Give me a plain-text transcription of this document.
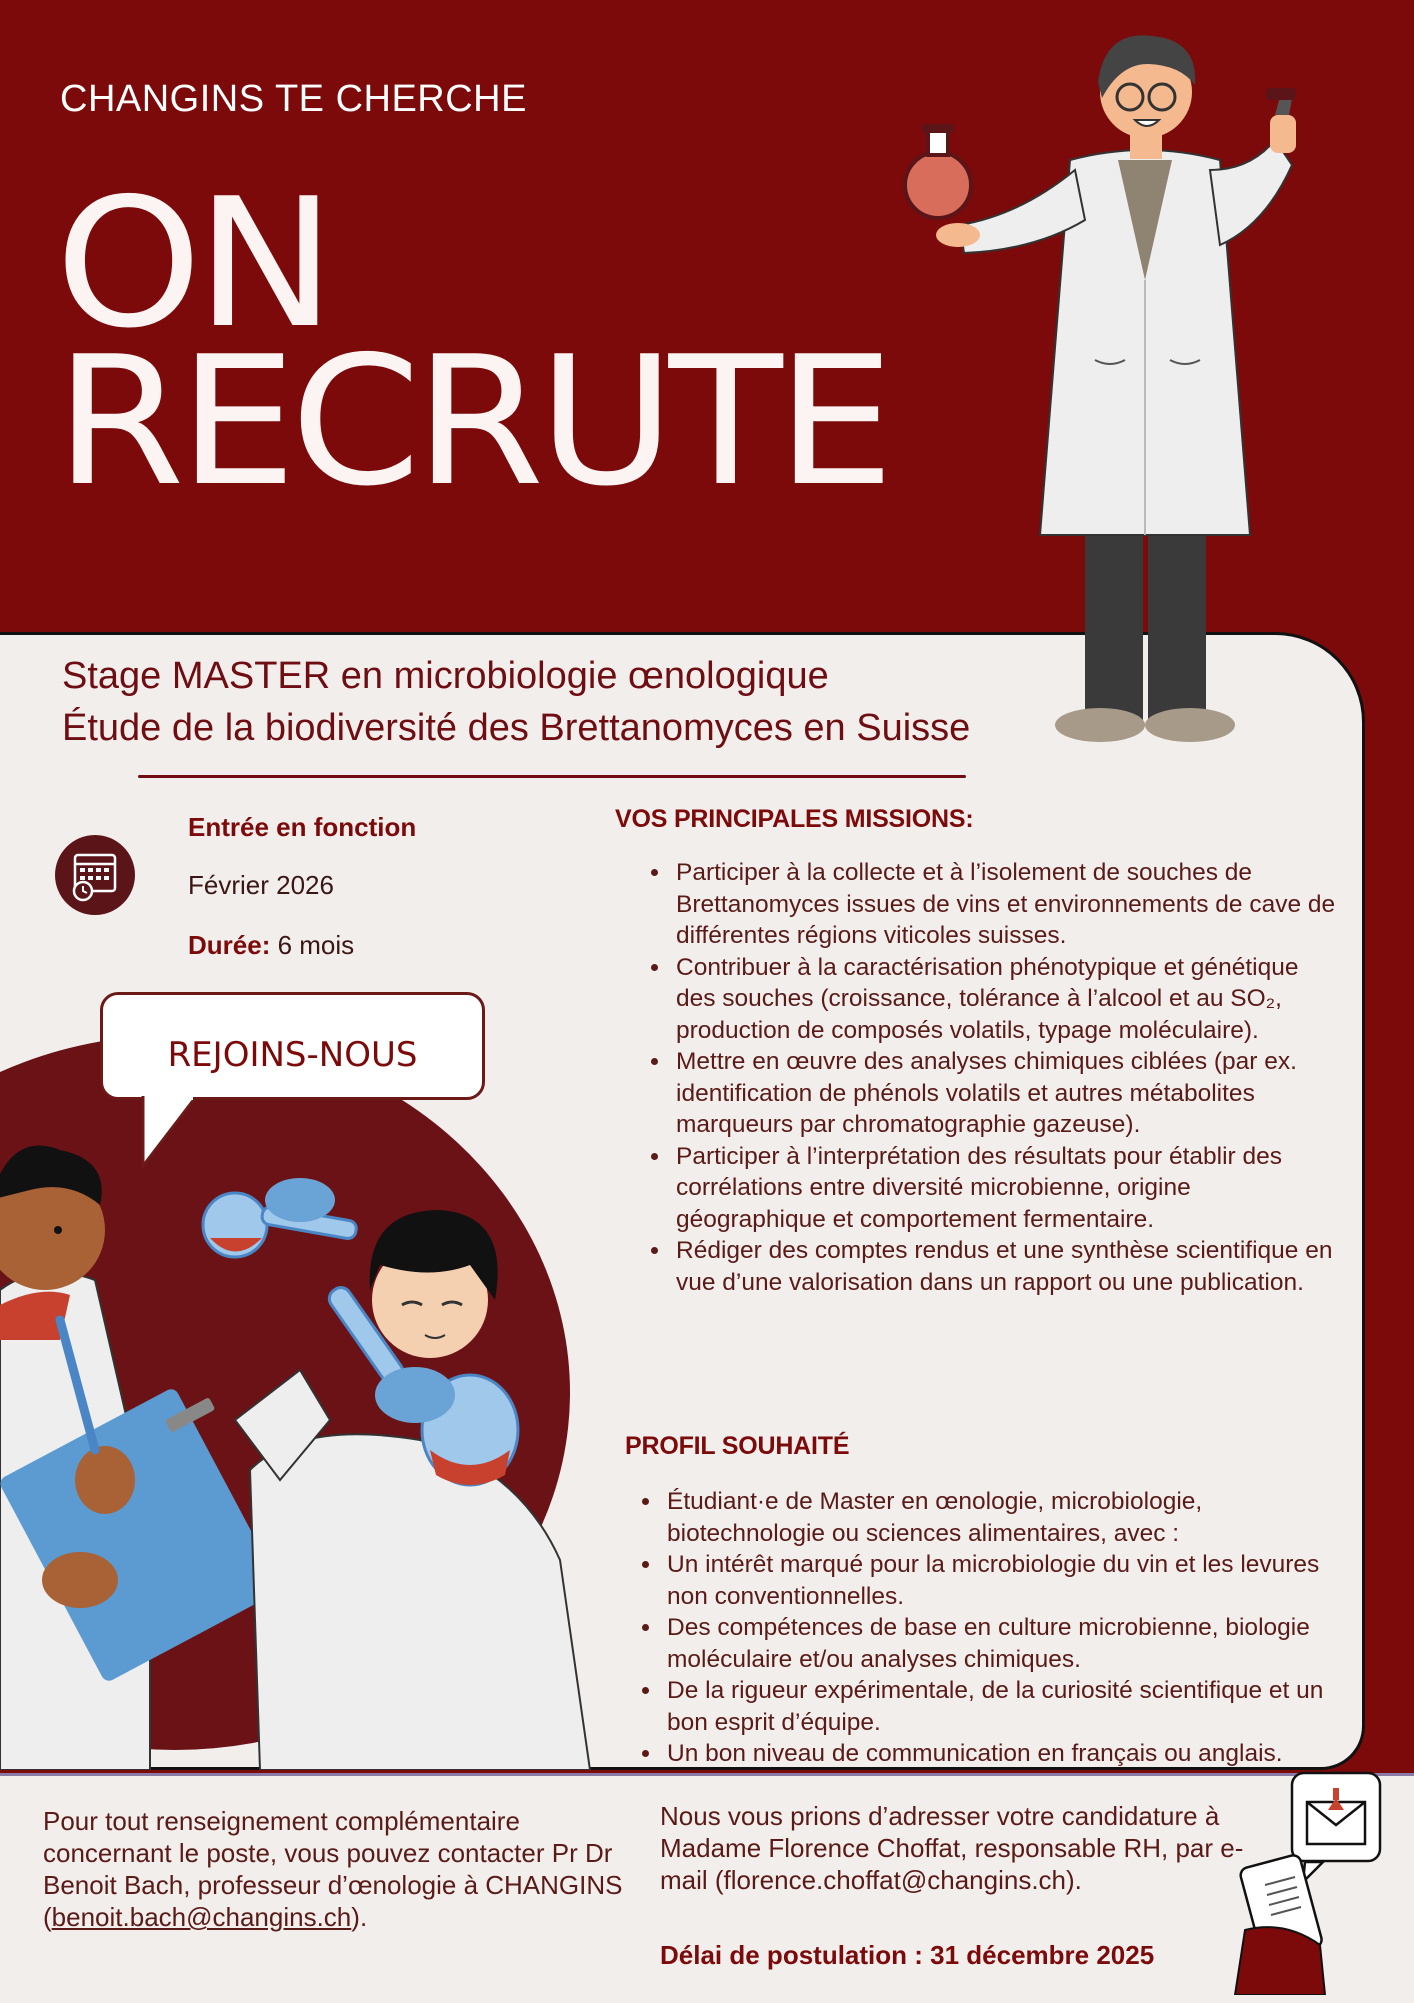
CHANGINS TE CHERCHE
ON
RECRUTE
Stage MASTER en microbiologie œnologique
Étude de la biodiversité des Brettanomyces en Suisse
Entrée en fonction
Février 2026
Durée: 6 mois
VOS PRINCIPALES MISSIONS:
• Participer à la collecte et à l’isolement de souches de Brettanomyces issues de vins et environnements de cave de différentes régions viticoles suisses.
• Contribuer à la caractérisation phénotypique et génétique des souches (croissance, tolérance à l’alcool et au SO₂, production de composés volatils, typage moléculaire).
• Mettre en œuvre des analyses chimiques ciblées (par ex. identification de phénols volatils et autres métabolites marqueurs par chromatographie gazeuse).
• Participer à l’interprétation des résultats pour établir des corrélations entre diversité microbienne, origine géographique et comportement fermentaire.
• Rédiger des comptes rendus et une synthèse scientifique en vue d’une valorisation dans un rapport ou une publication.
PROFIL SOUHAITÉ
• Étudiant·e de Master en œnologie, microbiologie, biotechnologie ou sciences alimentaires, avec :
• Un intérêt marqué pour la microbiologie du vin et les levures non conventionnelles.
• Des compétences de base en culture microbienne, biologie moléculaire et/ou analyses chimiques.
• De la rigueur expérimentale, de la curiosité scientifique et un bon esprit d’équipe.
• Un bon niveau de communication en français ou anglais.
REJOINS-NOUS
Pour tout renseignement complémentaire concernant le poste, vous pouvez contacter Pr Dr Benoit Bach, professeur d’œnologie à CHANGINS (benoit.bach@changins.ch).
Nous vous prions d’adresser votre candidature à Madame Florence Choffat, responsable RH, par e-mail (florence.choffat@changins.ch).
Délai de postulation : 31 décembre 2025
